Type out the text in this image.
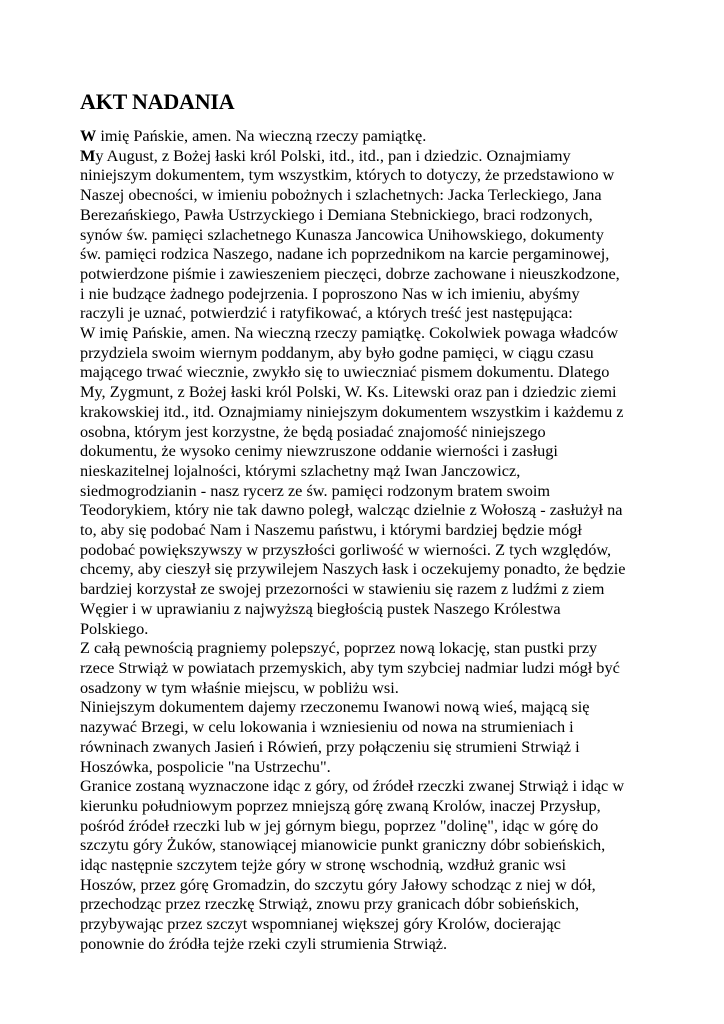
AKT NADANIA
W imię Pańskie, amen. Na wieczną rzeczy pamiątkę.
My August, z Bożej łaski król Polski, itd., itd., pan i dziedzic. Oznajmiamy
niniejszym dokumentem, tym wszystkim, których to dotyczy, że przedstawiono w
Naszej obecności, w imieniu pobożnych i szlachetnych: Jacka Terleckiego, Jana
Berezańskiego, Pawła Ustrzyckiego i Demiana Stebnickiego, braci rodzonych,
synów św. pamięci szlachetnego Kunasza Jancowica Unihowskiego, dokumenty
św. pamięci rodzica Naszego, nadane ich poprzednikom na karcie pergaminowej,
potwierdzone piśmie i zawieszeniem pieczęci, dobrze zachowane i nieuszkodzone,
i nie budzące żadnego podejrzenia. I poproszono Nas w ich imieniu, abyśmy
raczyli je uznać, potwierdzić i ratyfikować, a których treść jest następująca:
W imię Pańskie, amen. Na wieczną rzeczy pamiątkę. Cokolwiek powaga władców
przydziela swoim wiernym poddanym, aby było godne pamięci, w ciągu czasu
mającego trwać wiecznie, zwykło się to uwieczniać pismem dokumentu. Dlatego
My, Zygmunt, z Bożej łaski król Polski, W. Ks. Litewski oraz pan i dziedzic ziemi
krakowskiej itd., itd. Oznajmiamy niniejszym dokumentem wszystkim i każdemu z
osobna, którym jest korzystne, że będą posiadać znajomość niniejszego
dokumentu, że wysoko cenimy niewzruszone oddanie wierności i zasługi
nieskazitelnej lojalności, którymi szlachetny mąż Iwan Janczowicz,
siedmogrodzianin - nasz rycerz ze św. pamięci rodzonym bratem swoim
Teodorykiem, który nie tak dawno poległ, walcząc dzielnie z Wołoszą - zasłużył na
to, aby się podobać Nam i Naszemu państwu, i którymi bardziej będzie mógł
podobać powiększywszy w przyszłości gorliwość w wierności. Z tych względów,
chcemy, aby cieszył się przywilejem Naszych łask i oczekujemy ponadto, że będzie
bardziej korzystał ze swojej przezorności w stawieniu się razem z ludźmi z ziem
Węgier i w uprawianiu z najwyższą biegłością pustek Naszego Królestwa
Polskiego.
Z całą pewnością pragniemy polepszyć, poprzez nową lokację, stan pustki przy
rzece Strwiąż w powiatach przemyskich, aby tym szybciej nadmiar ludzi mógł być
osadzony w tym właśnie miejscu, w pobliżu wsi.
Niniejszym dokumentem dajemy rzeczonemu Iwanowi nową wieś, mającą się
nazywać Brzegi, w celu lokowania i wzniesieniu od nowa na strumieniach i
równinach zwanych Jasień i Rówień, przy połączeniu się strumieni Strwiąż i
Hoszówka, pospolicie "na Ustrzechu".
Granice zostaną wyznaczone idąc z góry, od źródeł rzeczki zwanej Strwiąż i idąc w
kierunku południowym poprzez mniejszą górę zwaną Krolów, inaczej Przysłup,
pośród źródeł rzeczki lub w jej górnym biegu, poprzez "dolinę", idąc w górę do
szczytu góry Żuków, stanowiącej mianowicie punkt graniczny dóbr sobieńskich,
idąc następnie szczytem tejże góry w stronę wschodnią, wzdłuż granic wsi
Hoszów, przez górę Gromadzin, do szczytu góry Jałowy schodząc z niej w dół,
przechodząc przez rzeczkę Strwiąż, znowu przy granicach dóbr sobieńskich,
przybywając przez szczyt wspomnianej większej góry Krolów, docierając
ponownie do źródła tejże rzeki czyli strumienia Strwiąż.
